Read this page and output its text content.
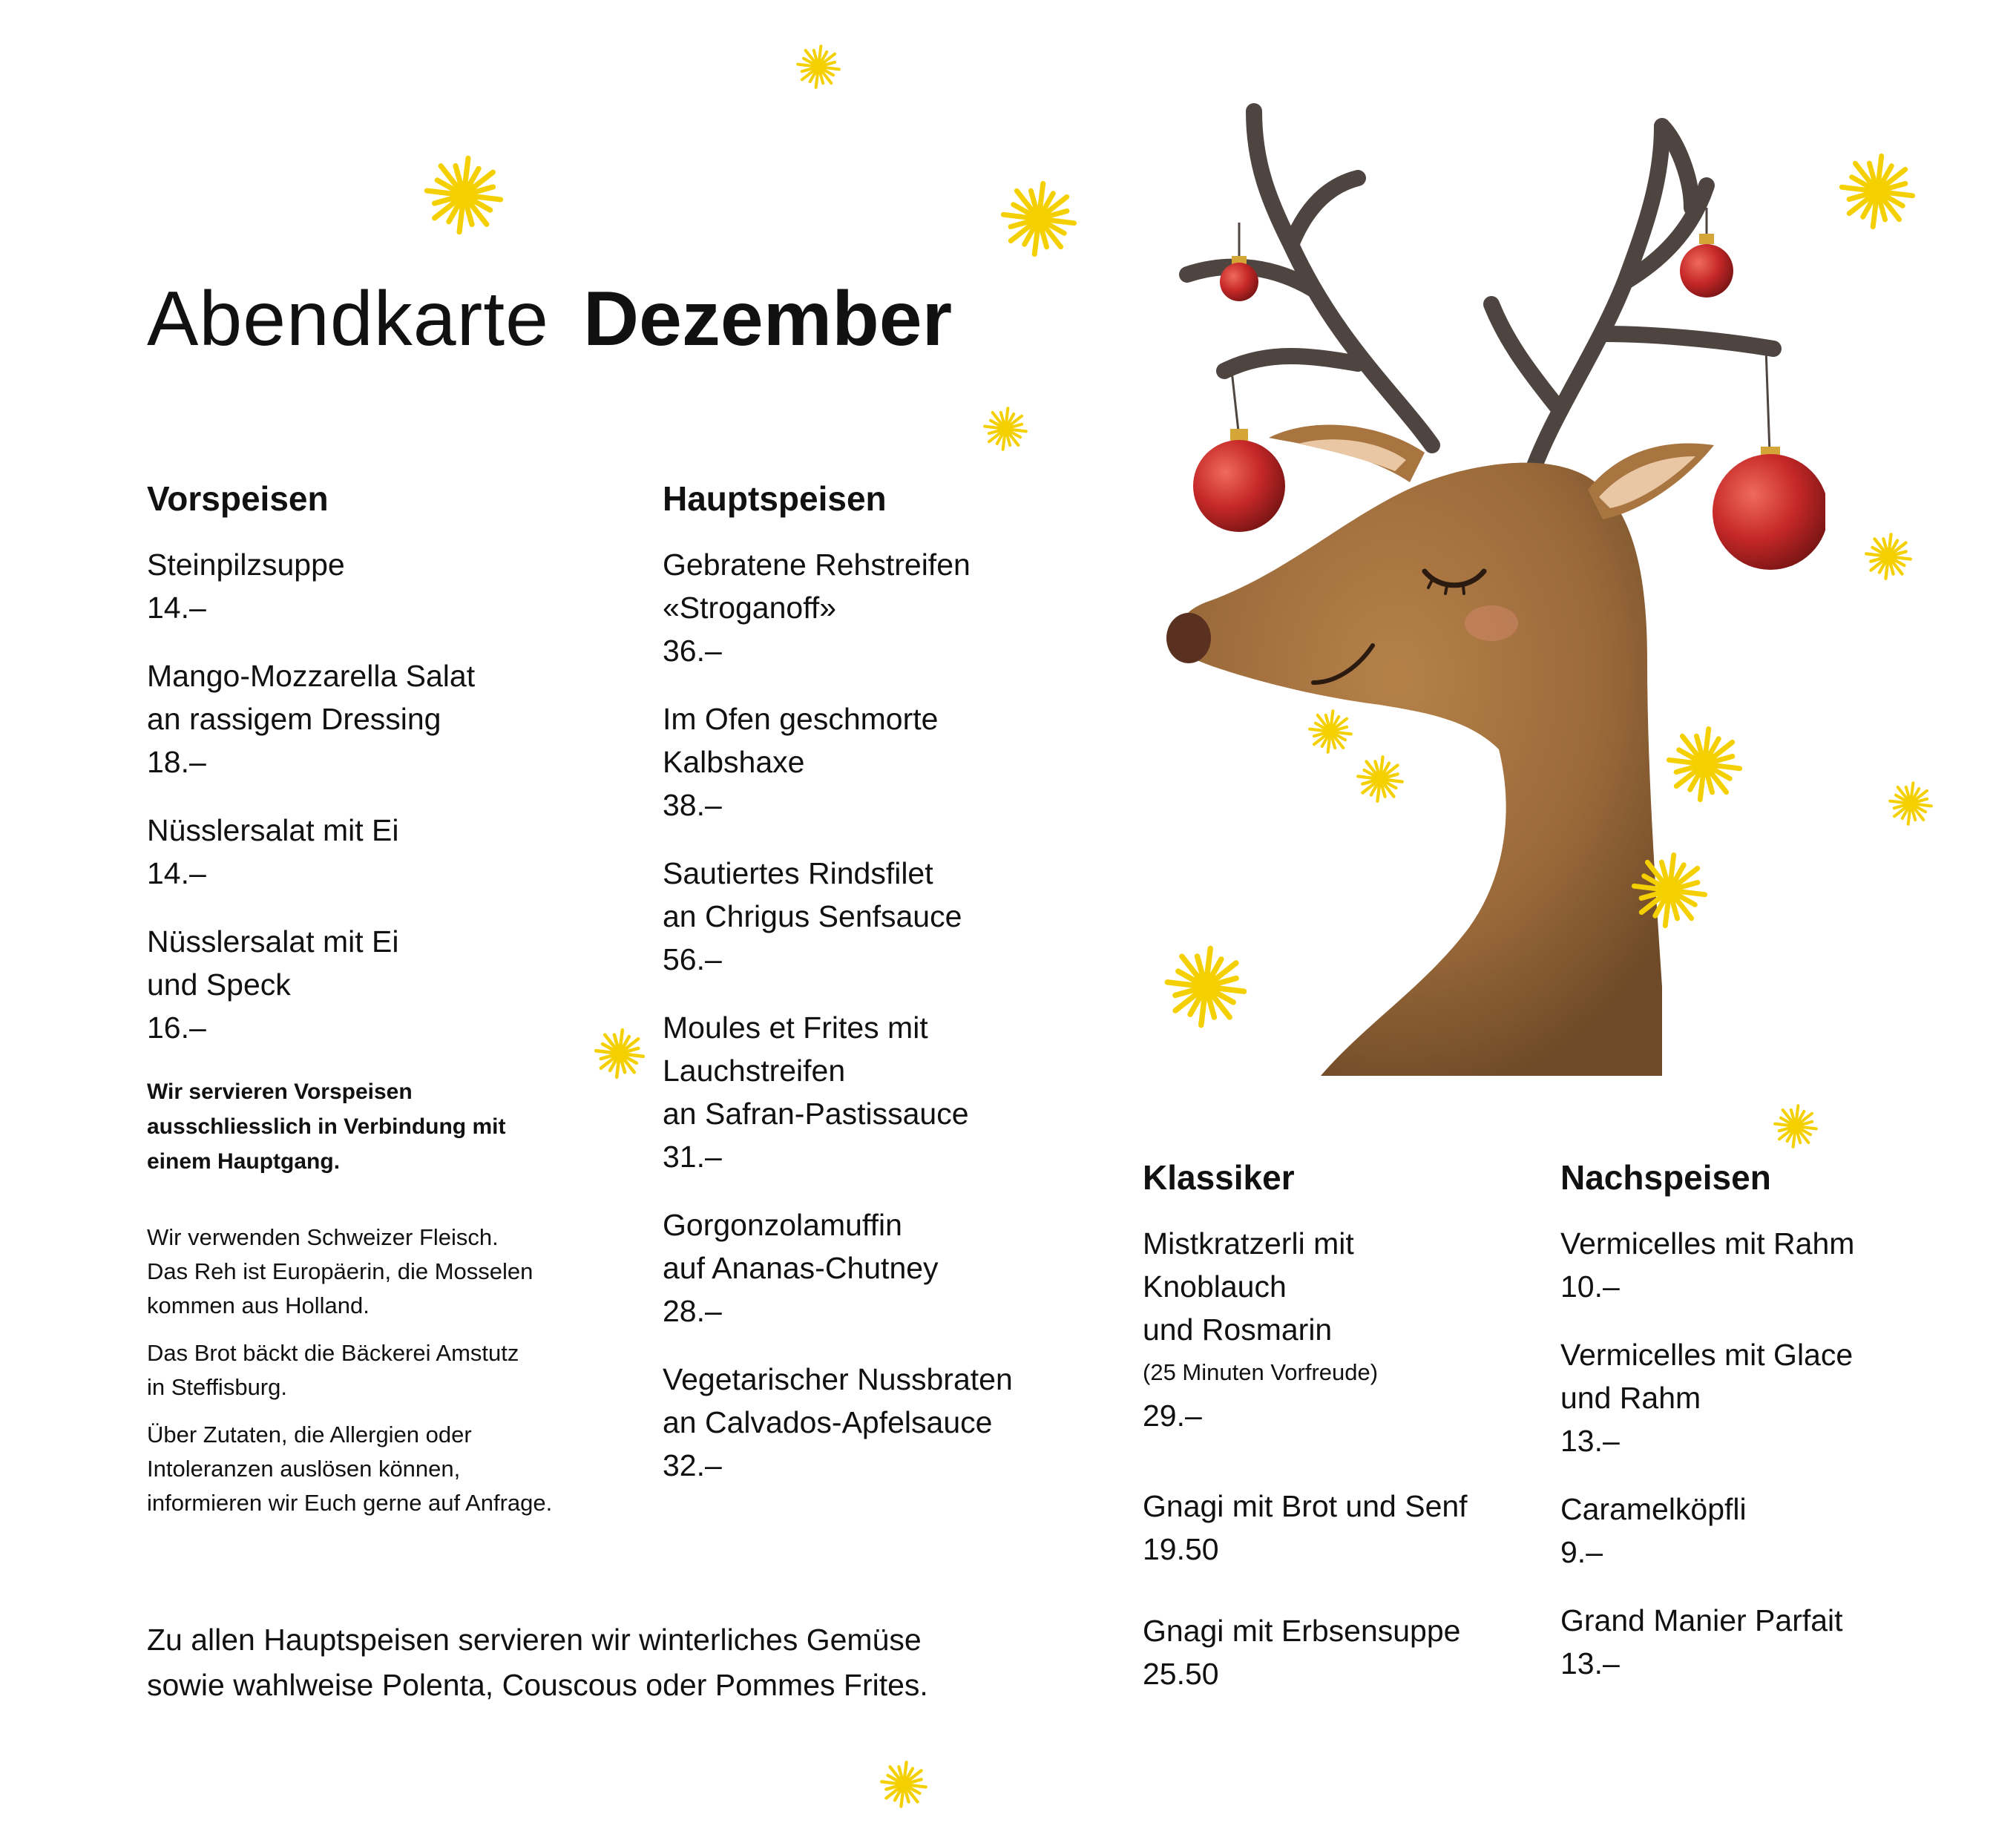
Abendkarte Dezember
Vorspeisen
Steinpilzsuppe
14.–
Mango-Mozzarella Salat
an rassigem Dressing
18.–
Nüsslersalat mit Ei
14.–
Nüsslersalat mit Ei
und Speck
16.–
Wir servieren Vorspeisen
ausschliesslich in Verbindung mit
einem Hauptgang.
Wir verwenden Schweizer Fleisch.
Das Reh ist Europäerin, die Mosselen
kommen aus Holland.
Das Brot bäckt die Bäckerei Amstutz
in Steffisburg.
Über Zutaten, die Allergien oder
Intoleranzen auslösen können,
informieren wir Euch gerne auf Anfrage.
Hauptspeisen
Gebratene Rehstreifen
«Stroganoff»
36.–
Im Ofen geschmorte
Kalbshaxe
38.–
Sautiertes Rindsfilet
an Chrigus Senfsauce
56.–
Moules et Frites mit
Lauchstreifen
an Safran-Pastissauce
31.–
Gorgonzolamuffin
auf Ananas-Chutney
28.–
Vegetarischer Nussbraten
an Calvados-Apfelsauce
32.–
Klassiker
Mistkratzerli mit
Knoblauch
und Rosmarin
(25 Minuten Vorfreude)
29.–
Gnagi mit Brot und Senf
19.50
Gnagi mit Erbsensuppe
25.50
Nachspeisen
Vermicelles mit Rahm
10.–
Vermicelles mit Glace
und Rahm
13.–
Caramelköpfli
9.–
Grand Manier Parfait
13.–
Zu allen Hauptspeisen servieren wir winterliches Gemüse
sowie wahlweise Polenta, Couscous oder Pommes Frites.
